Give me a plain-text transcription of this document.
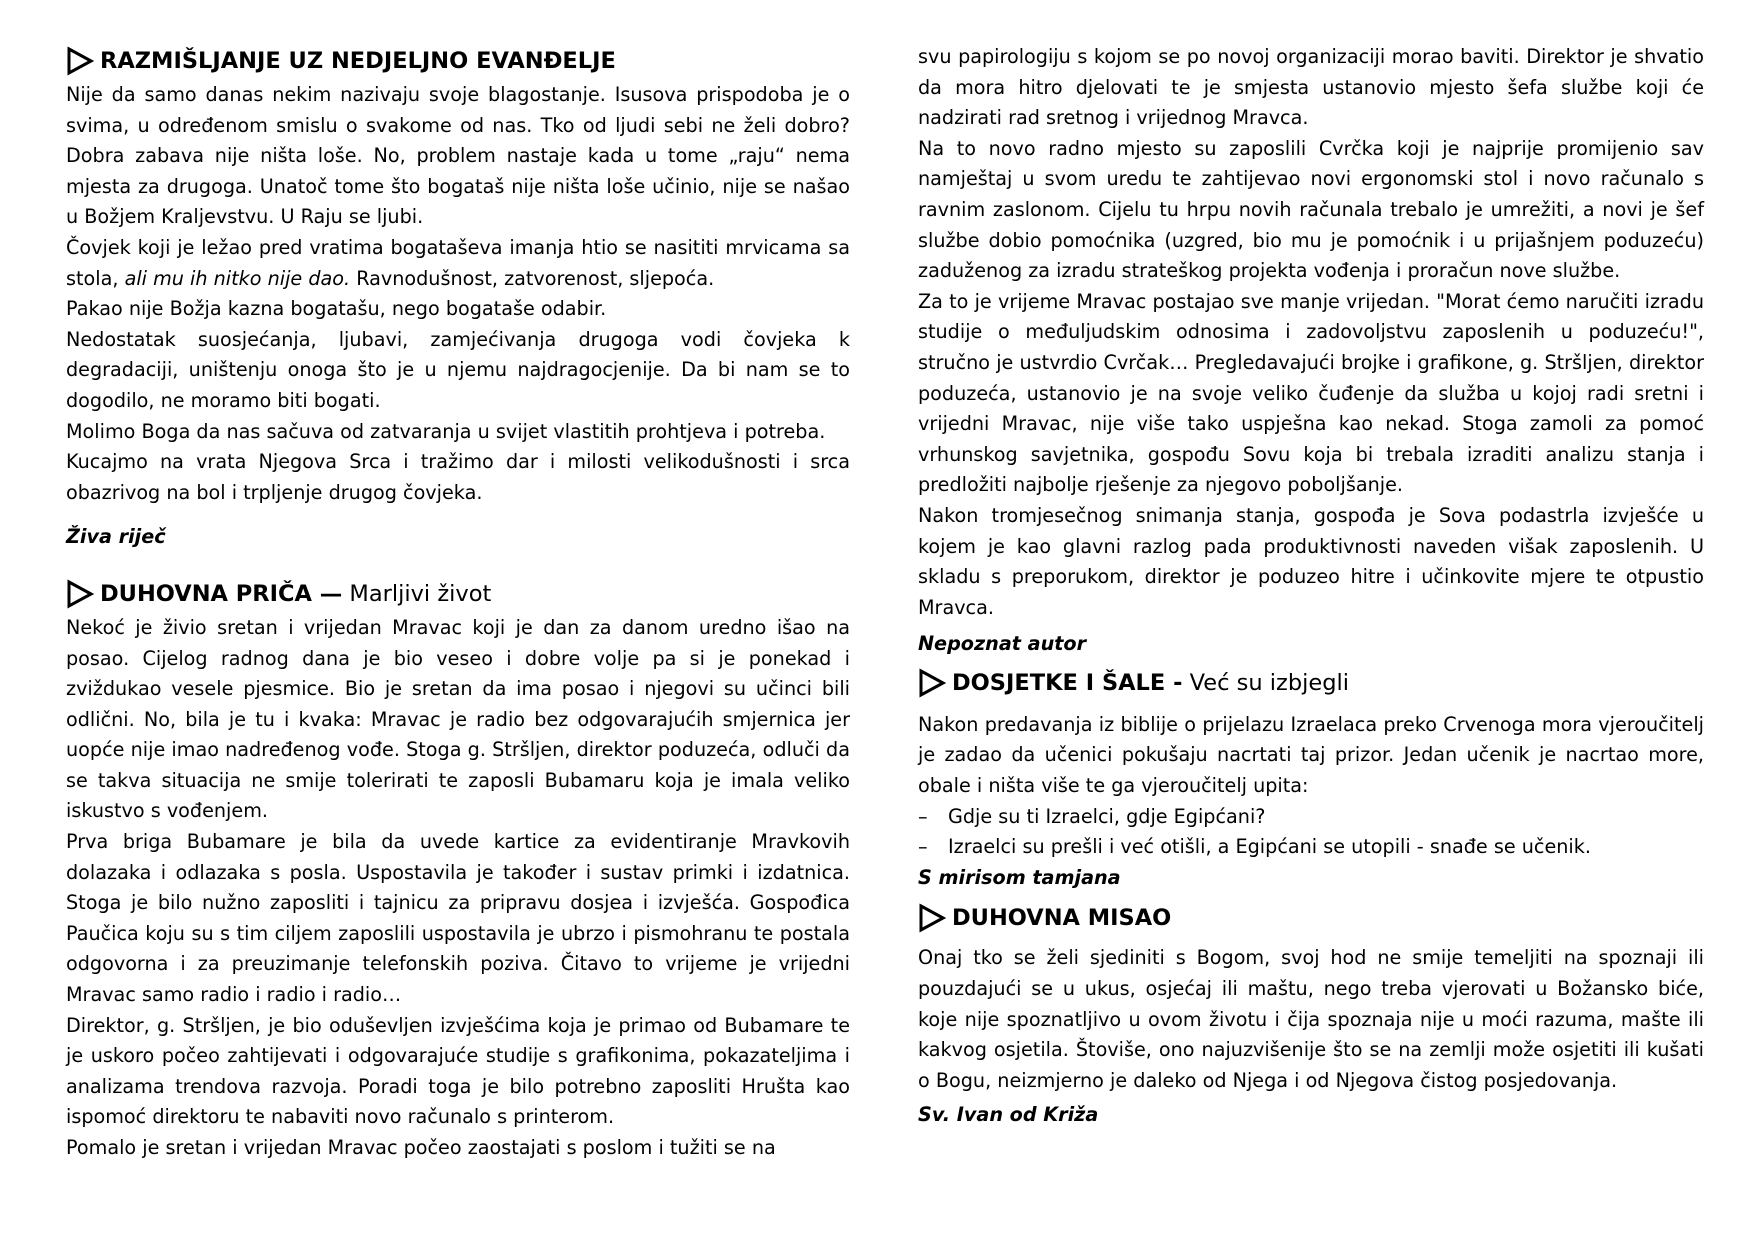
RAZMIŠLJANJE UZ NEDJELJNO EVANĐELJE

Nije da samo danas nekim nazivaju svoje blagostanje. Isusova prispodoba je o svima, u određenom smislu o svakome od nas. Tko od ljudi sebi ne želi dobro? Dobra zabava nije ništa loše. No, problem nastaje kada u tome „raju“ nema mjesta za drugoga. Unatoč tome što bogataš nije ništa loše učinio, nije se našao u Božjem Kraljevstvu. U Raju se ljubi.

Čovjek koji je ležao pred vratima bogataševa imanja htio se nasititi mrvicama sa stola, ali mu ih nitko nije dao. Ravnodušnost, zatvorenost, sljepoća.

Pakao nije Božja kazna bogatašu, nego bogataše odabir.

Nedostatak suosjećanja, ljubavi, zamjećivanja drugoga vodi čovjeka k degradaciji, uništenju onoga što je u njemu najdragocjenije. Da bi nam se to dogodilo, ne moramo biti bogati.

Molimo Boga da nas sačuva od zatvaranja u svijet vlastitih prohtjeva i potreba.

Kucajmo na vrata Njegova Srca i tražimo dar i milosti velikodušnosti i srca obazrivog na bol i trpljenje drugog čovjeka.

Živa riječ

DUHOVNA PRIČA —
Marljivi život

Nekoć je živio sretan i vrijedan Mravac koji je dan za danom uredno išao na posao. Cijelog radnog dana je bio veseo i dobre volje pa si je ponekad i zviždukao vesele pjesmice. Bio je sretan da ima posao i njegovi su učinci bili odlični. No, bila je tu i kvaka: Mravac je radio bez odgovarajućih smjernica jer uopće nije imao nadređenog vođe. Stoga g. Stršljen, direktor poduzeća, odluči da se takva situacija ne smije tolerirati te zaposli Bubamaru koja je imala veliko iskustvo s vođenjem.

Prva briga Bubamare je bila da uvede kartice za evidentiranje Mravkovih dolazaka i odlazaka s posla. Uspostavila je također i sustav primki i izdatnica. Stoga je bilo nužno zaposliti i tajnicu za pripravu dosjea i izvješća. Gospođica Paučica koju su s tim ciljem zaposlili uspostavila je ubrzo i pismohranu te postala odgovorna i za preuzimanje telefonskih poziva. Čitavo to vrijeme je vrijedni Mravac samo radio i radio i radio…

Direktor, g. Stršljen, je bio oduševljen izvješćima koja je primao od Bubamare te je uskoro počeo zahtijevati i odgovarajuće studije s grafikonima, pokazateljima i analizama trendova razvoja. Poradi toga je bilo potrebno zaposliti Hrušta kao ispomoć direktoru te nabaviti novo računalo s printerom.

Pomalo je sretan i vrijedan Mravac počeo zaostajati s poslom i tužiti se na

svu papirologiju s kojom se po novoj organizaciji morao baviti. Direktor je shvatio da mora hitro djelovati te je smjesta ustanovio mjesto šefa službe koji će nadzirati rad sretnog i vrijednog Mravca.

Na to novo radno mjesto su zaposlili Cvrčka koji je najprije promijenio sav namještaj u svom uredu te zahtijevao novi ergonomski stol i novo računalo s ravnim zaslonom. Cijelu tu hrpu novih računala trebalo je umrežiti, a novi je šef službe dobio pomoćnika (uzgred, bio mu je pomoćnik i u prijašnjem poduzeću) zaduženog za izradu strateškog projekta vođenja i proračun nove službe.

Za to je vrijeme Mravac postajao sve manje vrijedan. "Morat ćemo naručiti izradu studije o međuljudskim odnosima i zadovoljstvu zaposlenih u poduzeću!", stručno je ustvrdio Cvrčak… Pregledavajući brojke i grafikone, g. Stršljen, direktor poduzeća, ustanovio je na svoje veliko čuđenje da služba u kojoj radi sretni i vrijedni Mravac, nije više tako uspješna kao nekad. Stoga zamoli za pomoć vrhunskog savjetnika, gospođu Sovu koja bi trebala izraditi analizu stanja i predložiti najbolje rješenje za njegovo poboljšanje.

Nakon tromjesečnog snimanja stanja, gospođa je Sova podastrla izvješće u kojem je kao glavni razlog pada produktivnosti naveden višak zaposlenih. U skladu s preporukom, direktor je poduzeo hitre i učinkovite mjere te otpustio Mravca.

Nepoznat autor

DOSJETKE I ŠALE -
Već su izbjegli

Nakon predavanja iz biblije o prijelazu Izraelaca preko Crvenoga mora vjeroučitelj je zadao da učenici pokušaju nacrtati taj prizor. Jedan učenik je nacrtao more, obale i ništa više te ga vjeroučitelj upita:

–	Gdje su ti Izraelci, gdje Egipćani?
–	Izraelci su prešli i već otišli, a Egipćani se utopili - snađe se učenik.

S mirisom tamjana

DUHOVNA MISAO

Onaj tko se želi sjediniti s Bogom, svoj hod ne smije temeljiti na spoznaji ili pouzdajući se u ukus, osjećaj ili maštu, nego treba vjerovati u Božansko biće, koje nije spoznatljivo u ovom životu i čija spoznaja nije u moći razuma, mašte ili kakvog osjetila. Štoviše, ono najuzvišenije što se na zemlji može osjetiti ili kušati o Bogu, neizmjerno je daleko od Njega i od Njegova čistog posjedovanja.

Sv. Ivan od Križa
